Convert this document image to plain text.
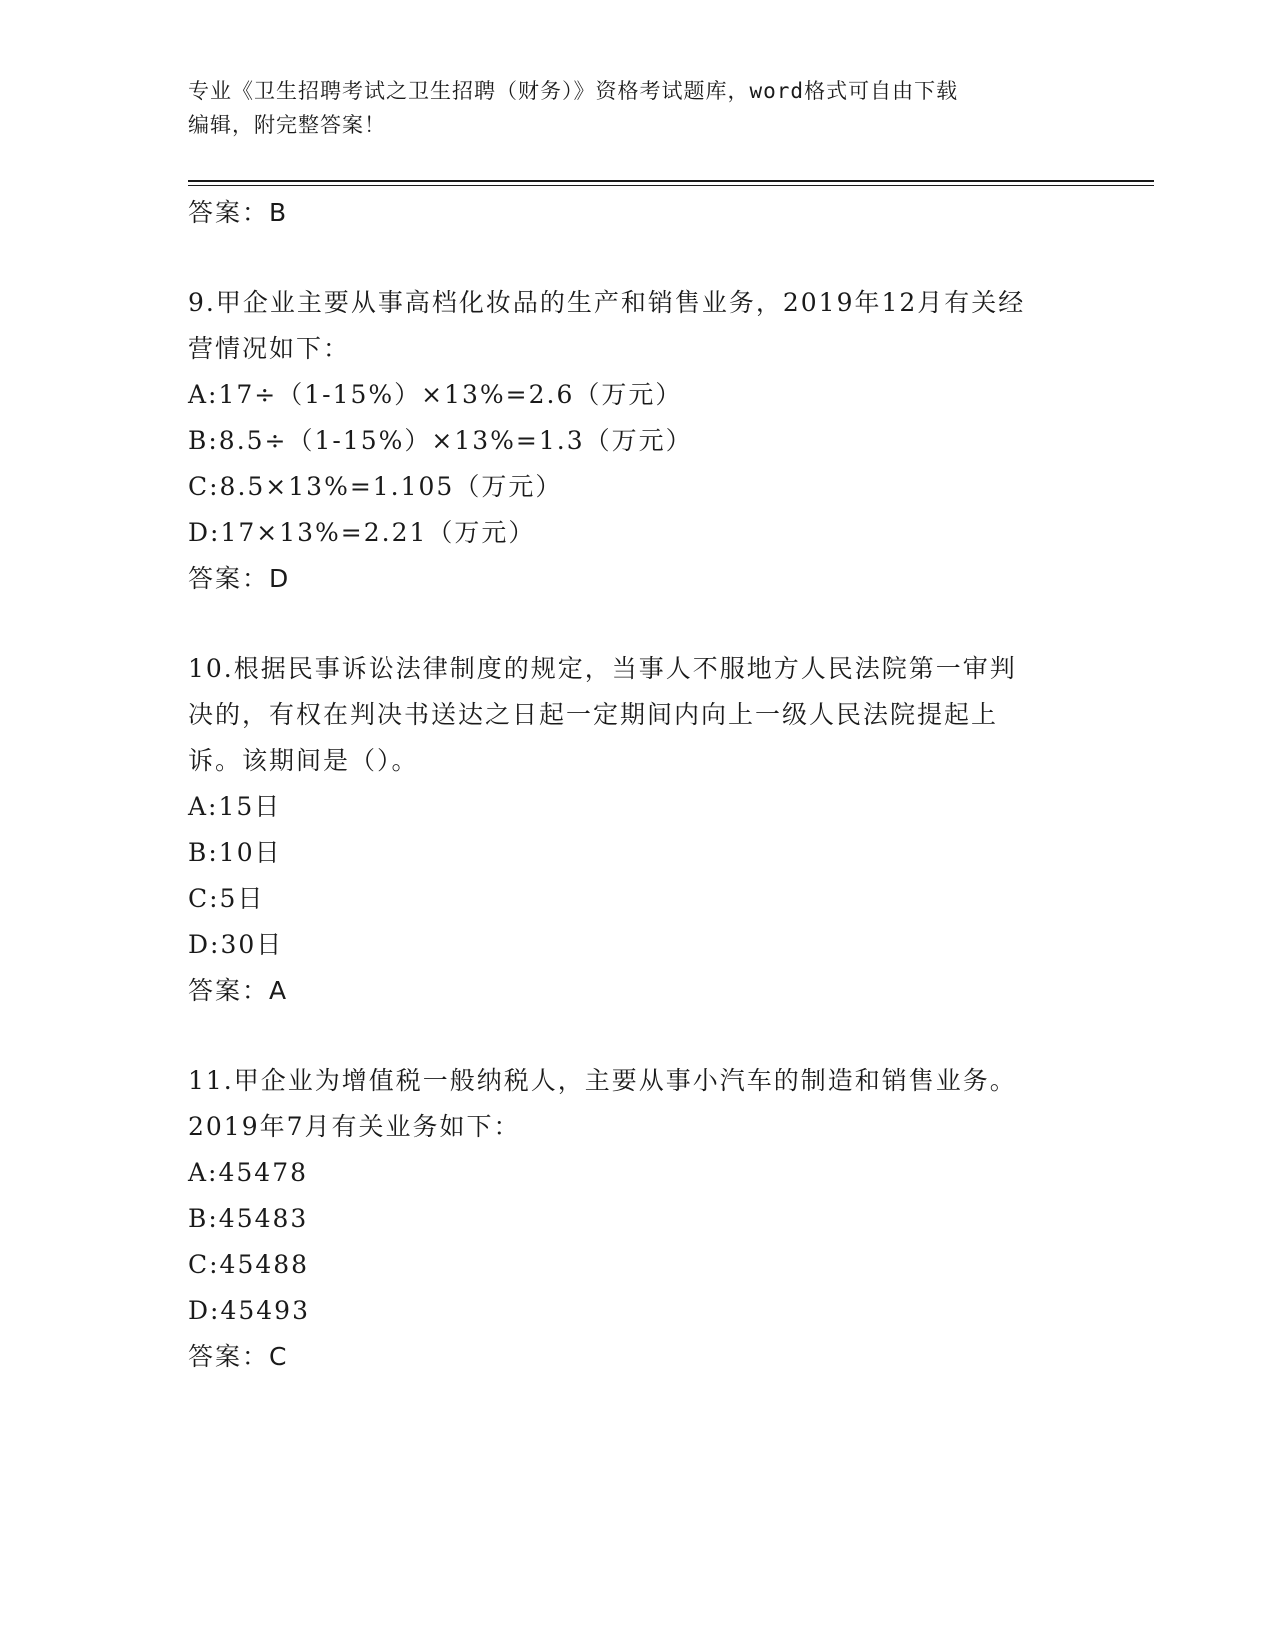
专业《卫生招聘考试之卫生招聘（财务）》资格考试题库，word格式可自由下载
编辑，附完整答案！
答案：B
9.甲企业主要从事高档化妆品的生产和销售业务，2019年12月有关经
营情况如下：
A:17÷（1-15%）×13%=2.6（万元）
B:8.5÷（1-15%）×13%=1.3（万元）
C:8.5×13%=1.105（万元）
D:17×13%=2.21（万元）
答案：D
10.根据民事诉讼法律制度的规定，当事人不服地方人民法院第一审判
决的，有权在判决书送达之日起一定期间内向上一级人民法院提起上
诉。该期间是（）。
A:15日
B:10日
C:5日
D:30日
答案：A
11.甲企业为增值税一般纳税人，主要从事小汽车的制造和销售业务。
2019年7月有关业务如下：
A:45478
B:45483
C:45488
D:45493
答案：C
